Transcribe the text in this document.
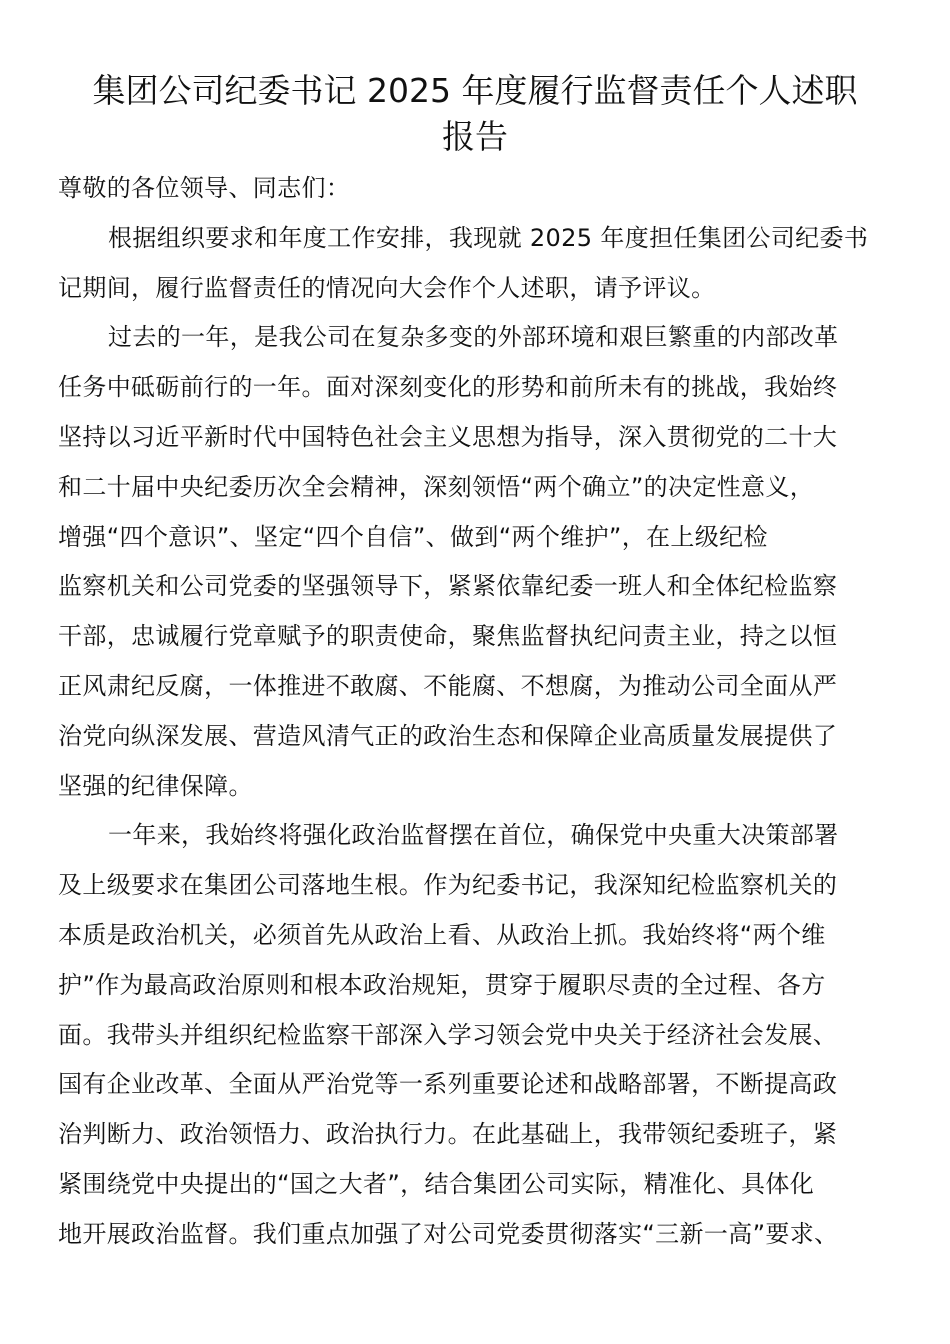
集团公司纪委书记 2025 年度履行监督责任个人述职
报告
尊敬的各位领导、同志们：
根据组织要求和年度工作安排，我现就 2025 年度担任集团公司纪委书
记期间，履行监督责任的情况向大会作个人述职，请予评议。
过去的一年，是我公司在复杂多变的外部环境和艰巨繁重的内部改革
任务中砥砺前行的一年。面对深刻变化的形势和前所未有的挑战，我始终
坚持以习近平新时代中国特色社会主义思想为指导，深入贯彻党的二十大
和二十届中央纪委历次全会精神，深刻领悟“两个确立”的决定性意义，
增强“四个意识”、坚定“四个自信”、做到“两个维护”，在上级纪检
监察机关和公司党委的坚强领导下，紧紧依靠纪委一班人和全体纪检监察
干部，忠诚履行党章赋予的职责使命，聚焦监督执纪问责主业，持之以恒
正风肃纪反腐，一体推进不敢腐、不能腐、不想腐，为推动公司全面从严
治党向纵深发展、营造风清气正的政治生态和保障企业高质量发展提供了
坚强的纪律保障。
一年来，我始终将强化政治监督摆在首位，确保党中央重大决策部署
及上级要求在集团公司落地生根。作为纪委书记，我深知纪检监察机关的
本质是政治机关，必须首先从政治上看、从政治上抓。我始终将“两个维
护”作为最高政治原则和根本政治规矩，贯穿于履职尽责的全过程、各方
面。我带头并组织纪检监察干部深入学习领会党中央关于经济社会发展、
国有企业改革、全面从严治党等一系列重要论述和战略部署，不断提高政
治判断力、政治领悟力、政治执行力。在此基础上，我带领纪委班子，紧
紧围绕党中央提出的“国之大者”，结合集团公司实际，精准化、具体化
地开展政治监督。我们重点加强了对公司党委贯彻落实“三新一高”要求、
